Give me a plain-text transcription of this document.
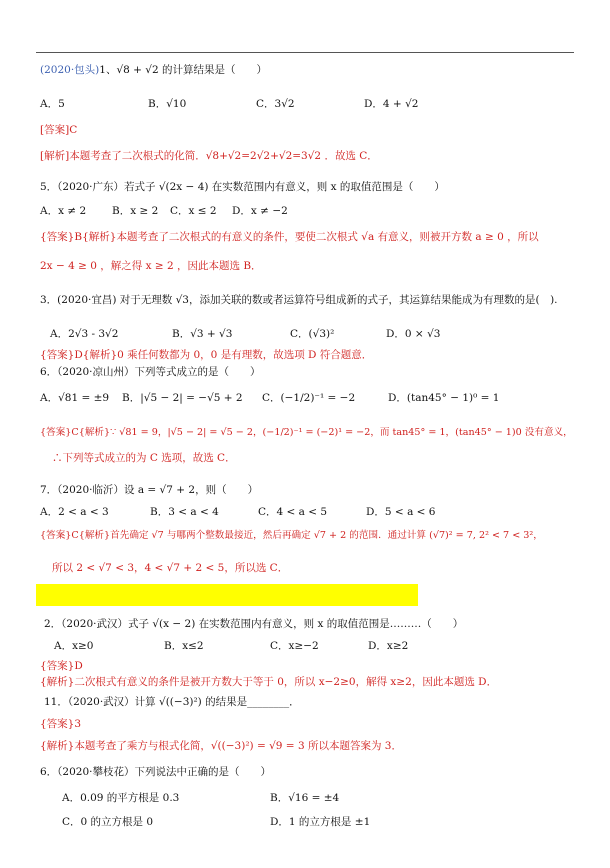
(2020·包头)1、√8 + √2 的计算结果是（　　）
A．5	B．√10	C．3√2	D．4 + √2
[答案]C
[解析]本题考查了二次根式的化简．√8+√2=2√2+√2=3√2 ．故选 C．
5．（2020·广东）若式子 √(2x − 4) 在实数范围内有意义，则 x 的取值范围是（　　）
A．x ≠ 2 B．x ≥ 2 C．x ≤ 2 D．x ≠ −2
{答案}B{解析}本题考查了二次根式的有意义的条件，要使二次根式 √a 有意义，则被开方数 a ≥ 0 ，所以
2x − 4 ≥ 0 ，解之得 x ≥ 2 ，因此本题选 B．
3．(2020·宜昌) 对于无理数 √3，添加关联的数或者运算符号组成新的式子，其运算结果能成为有理数的是(　).
A．2√3 - 3√2	B．√3 + √3	C．(√3)²	D．0 × √3
{答案}D{解析}0 乘任何数都为 0，0 是有理数，故选项 D 符合题意．
6．（2020·凉山州）下列等式成立的是（　　）
A．√81 = ±9 B．|√5 − 2| = −√5 + 2 C．(−1/2)⁻¹ = −2	D．(tan45° − 1)⁰ = 1
{答案}C{解析}∵ √81 = 9，|√5 − 2| = √5 − 2，(−1/2)⁻¹ = (−2)¹ = −2，而 tan45° = 1，(tan45° − 1)0 没有意义，
∴下列等式成立的为 C 选项，故选 C．
7．（2020·临沂）设 a = √7 + 2，则（　　）
A．2 < a < 3	B．3 < a < 4	C．4 < a < 5	D．5 < a < 6
{答案}C{解析}首先确定 √7 与哪两个整数最接近，然后再确定 √7 + 2 的范围．通过计算 (√7)² = 7, 2² < 7 < 3²，
所以 2 < √7 < 3，4 < √7 + 2 < 5，所以选 C．
2．（2020·武汉）式子 √(x − 2) 在实数范围内有意义，则 x 的取值范围是………（　　）
A．x≥0	B．x≤2	C．x≥−2	D．x≥2
{答案}D
{解析}二次根式有意义的条件是被开方数大于等于 0，所以 x−2≥0，解得 x≥2，因此本题选 D．
11．（2020·武汉）计算 √((−3)²) 的结果是________．
{答案}3
{解析}本题考查了乘方与根式化简，√((−3)²) = √9 = 3 所以本题答案为 3．
6．（2020·攀枝花）下列说法中正确的是（　　）
A．0.09 的平方根是 0.3	B．√16 = ±4
C．0 的立方根是 0	D．1 的立方根是 ±1
